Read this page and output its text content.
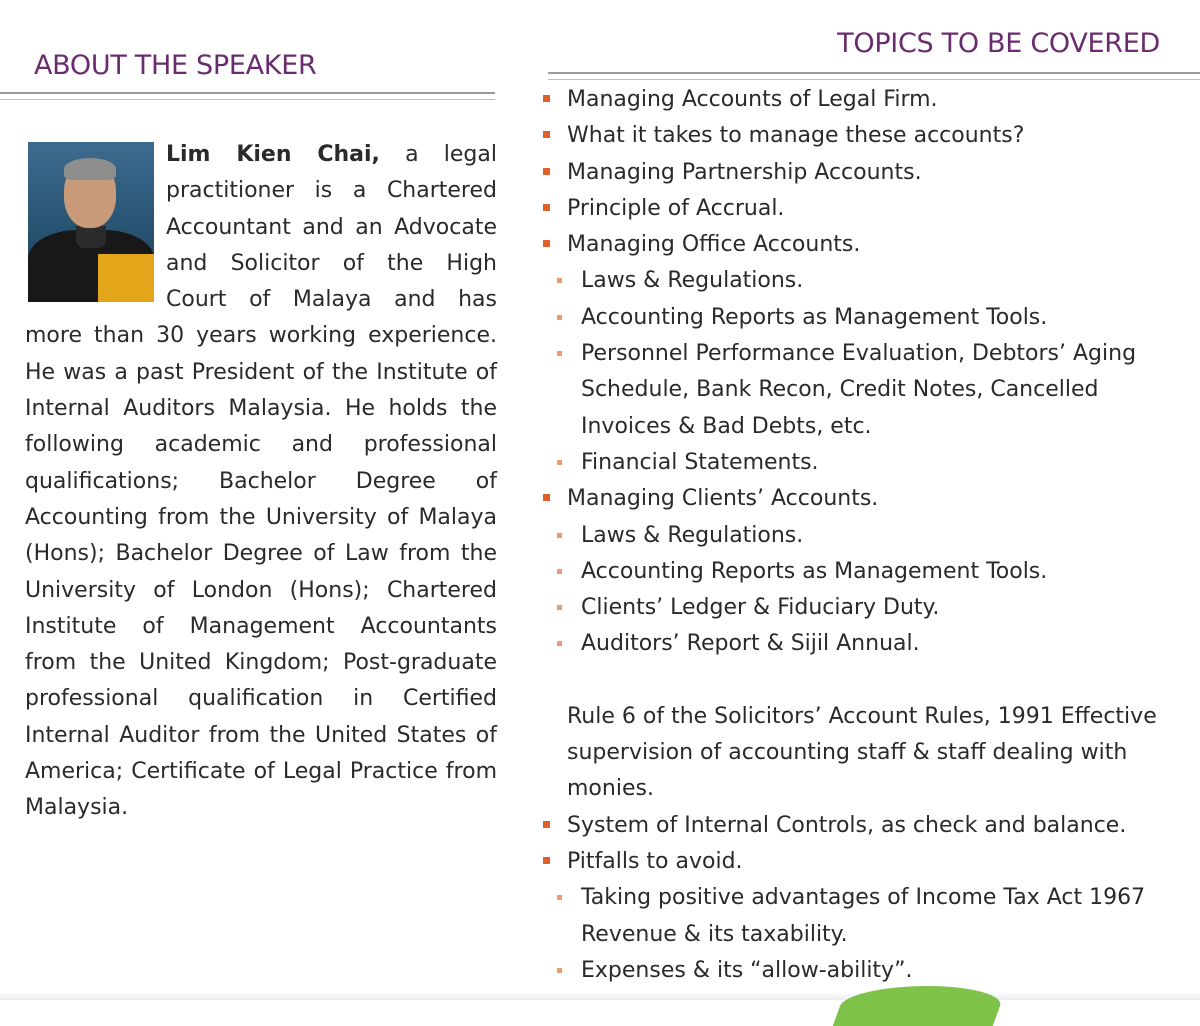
ABOUT THE SPEAKER
TOPICS TO BE COVERED
Lim Kien Chai, a legal practitioner is a Chartered Accountant and an Advocate and Solicitor of the High Court of Malaya and has more than 30 years working experience. He was a past President of the Institute of Internal Auditors Malaysia. He holds the following academic and professional qualifications; Bachelor Degree of Accounting from the University of Malaya (Hons); Bachelor Degree of Law from the University of London (Hons); Chartered Institute of Management Accountants from the United Kingdom; Post-graduate professional qualification in Certified Internal Auditor from the United States of America; Certificate of Legal Practice from Malaysia.
Managing Accounts of Legal Firm.
What it takes to manage these accounts?
Managing Partnership Accounts.
Principle of Accrual.
Managing Office Accounts.
Laws & Regulations.
Accounting Reports as Management Tools.
Personnel Performance Evaluation, Debtors’ Aging Schedule, Bank Recon, Credit Notes, Cancelled Invoices & Bad Debts, etc.
Financial Statements.
Managing Clients’ Accounts.
Laws & Regulations.
Accounting Reports as Management Tools.
Clients’ Ledger & Fiduciary Duty.
Auditors’ Report & Sijil Annual.
Rule 6 of the Solicitors’ Account Rules, 1991 Effective supervision of accounting staff & staff dealing with monies.
System of Internal Controls, as check and balance.
Pitfalls to avoid.
Taking positive advantages of Income Tax Act 1967 Revenue & its taxability.
Expenses & its “allow-ability”.
